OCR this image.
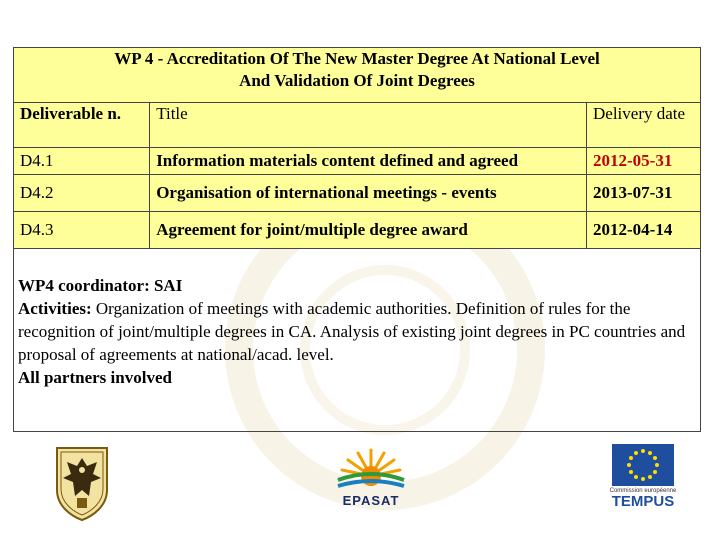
WP 4 - Accreditation Of The New Master Degree At National Level
And Validation Of Joint Degrees		

Deliverable n.	Title	Delivery date
D4.1	Information materials content defined and agreed	2012-05-31
D4.2	Organisation of international meetings - events	2013-07-31
D4.3	Agreement for joint/multiple degree award	2012-04-14

WP4 coordinator: SAI

Activities: Organization of meetings with academic authorities. Definition of rules for the recognition of joint/multiple degrees in CA. Analysis of existing joint degrees in PC countries and proposal of agreements at national/acad. level.

All partners involved

EPASAT
Commission européenne
TEMPUS
